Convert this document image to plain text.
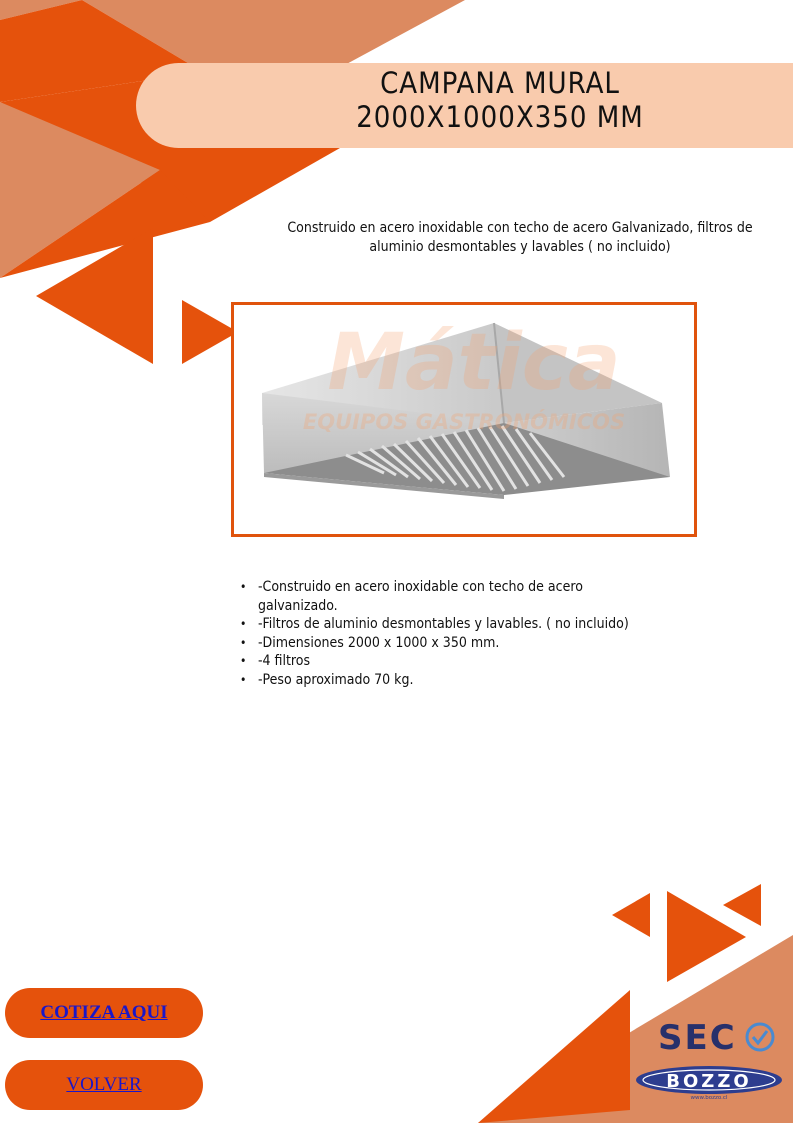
CAMPANA MURAL
2000X1000X350 MM
Construido en acero inoxidable con techo de acero Galvanizado, filtros de aluminio desmontables y lavables ( no incluido)
Mática
EQUIPOS GASTRONÓMICOS
• -Construido en acero inoxidable con techo de acero galvanizado.
• -Filtros de aluminio desmontables y lavables. ( no incluido)
• -Dimensiones 2000 x 1000 x 350 mm.
• -4 filtros
• -Peso aproximado 70 kg.
COTIZA AQUI
VOLVER
SEC
BOZZO
www.bozzo.cl
